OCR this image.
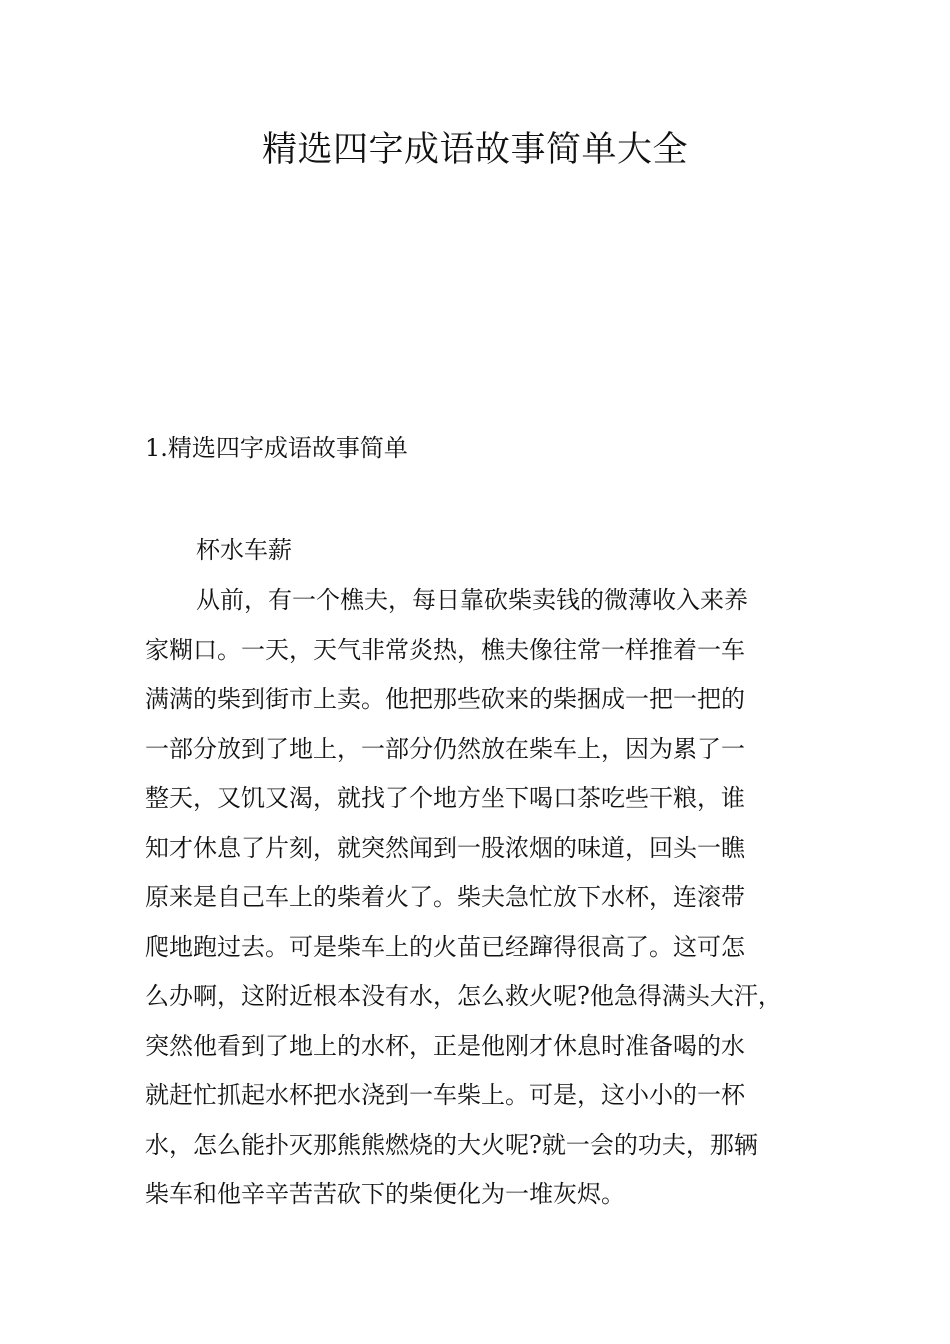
精选四字成语故事简单大全
1.精选四字成语故事简单
杯水车薪
从前，有一个樵夫，每日靠砍柴卖钱的微薄收入来养
家糊口。一天，天气非常炎热，樵夫像往常一样推着一车
满满的柴到街市上卖。他把那些砍来的柴捆成一把一把的
一部分放到了地上，一部分仍然放在柴车上，因为累了一
整天，又饥又渴，就找了个地方坐下喝口茶吃些干粮，谁
知才休息了片刻，就突然闻到一股浓烟的味道，回头一瞧
原来是自己车上的柴着火了。柴夫急忙放下水杯，连滚带
爬地跑过去。可是柴车上的火苗已经蹿得很高了。这可怎
么办啊，这附近根本没有水，怎么救火呢?他急得满头大汗，
突然他看到了地上的水杯，正是他刚才休息时准备喝的水
就赶忙抓起水杯把水浇到一车柴上。可是，这小小的一杯
水，怎么能扑灭那熊熊燃烧的大火呢?就一会的功夫，那辆
柴车和他辛辛苦苦砍下的柴便化为一堆灰烬。
